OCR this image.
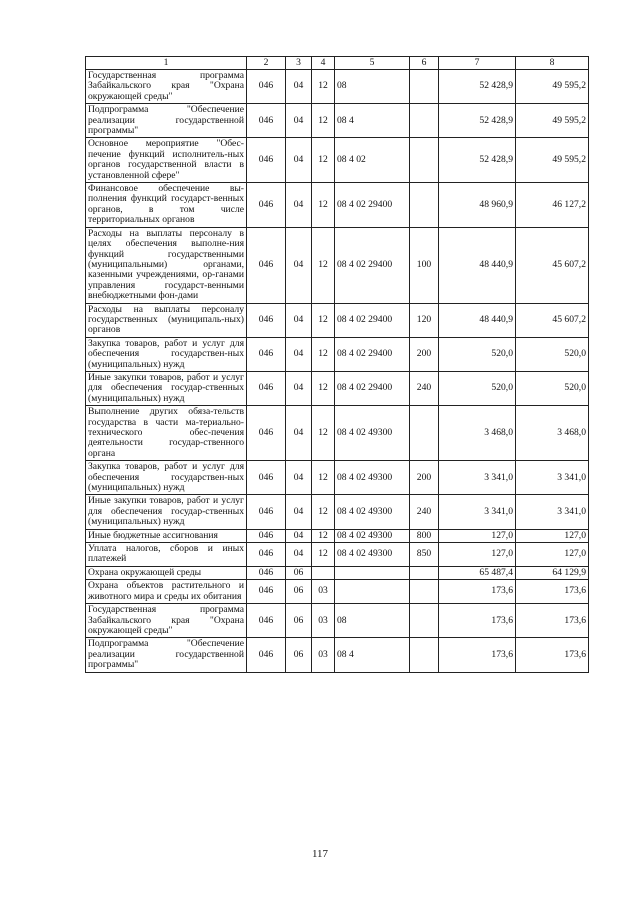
1	2	3	4	5	6	7	8
Государственная программа Забайкальского края "Охрана окружающей среды"	046	04	12	08		52 428,9	49 595,2
Подпрограмма "Обеспечение реализации государственной программы"	046	04	12	08 4		52 428,9	49 595,2
Основное мероприятие "Обес-печение функций исполнитель-ных органов государственной власти в установленной сфере"	046	04	12	08 4 02		52 428,9	49 595,2
Финансовое обеспечение вы-полнения функций государст-венных органов, в том числе территориальных органов	046	04	12	08 4 02 29400		48 960,9	46 127,2
Расходы на выплаты персоналу в целях обеспечения выполне-ния функций государственными (муниципальными) органами, казенными учреждениями, ор-ганами управления государст-венными внебюджетными фон-дами	046	04	12	08 4 02 29400	100	48 440,9	45 607,2
Расходы на выплаты персоналу государственных (муниципаль-ных) органов	046	04	12	08 4 02 29400	120	48 440,9	45 607,2
Закупка товаров, работ и услуг для обеспечения государствен-ных (муниципальных) нужд	046	04	12	08 4 02 29400	200	520,0	520,0
Иные закупки товаров, работ и услуг для обеспечения государ-ственных (муниципальных) нужд	046	04	12	08 4 02 29400	240	520,0	520,0
Выполнение других обяза-тельств государства в части ма-териально-технического обес-печения деятельности государ-ственного органа	046	04	12	08 4 02 49300		3 468,0	3 468,0
Закупка товаров, работ и услуг для обеспечения государствен-ных (муниципальных) нужд	046	04	12	08 4 02 49300	200	3 341,0	3 341,0
Иные закупки товаров, работ и услуг для обеспечения государ-ственных (муниципальных) нужд	046	04	12	08 4 02 49300	240	3 341,0	3 341,0
Иные бюджетные ассигнования	046	04	12	08 4 02 49300	800	127,0	127,0
Уплата налогов, сборов и иных платежей	046	04	12	08 4 02 49300	850	127,0	127,0
Охрана окружающей среды	046	06				65 487,4	64 129,9
Охрана объектов растительного и животного мира и среды их обитания	046	06	03			173,6	173,6
Государственная программа Забайкальского края "Охрана окружающей среды"	046	06	03	08		173,6	173,6
Подпрограмма "Обеспечение реализации государственной программы"	046	06	03	08 4		173,6	173,6
117
